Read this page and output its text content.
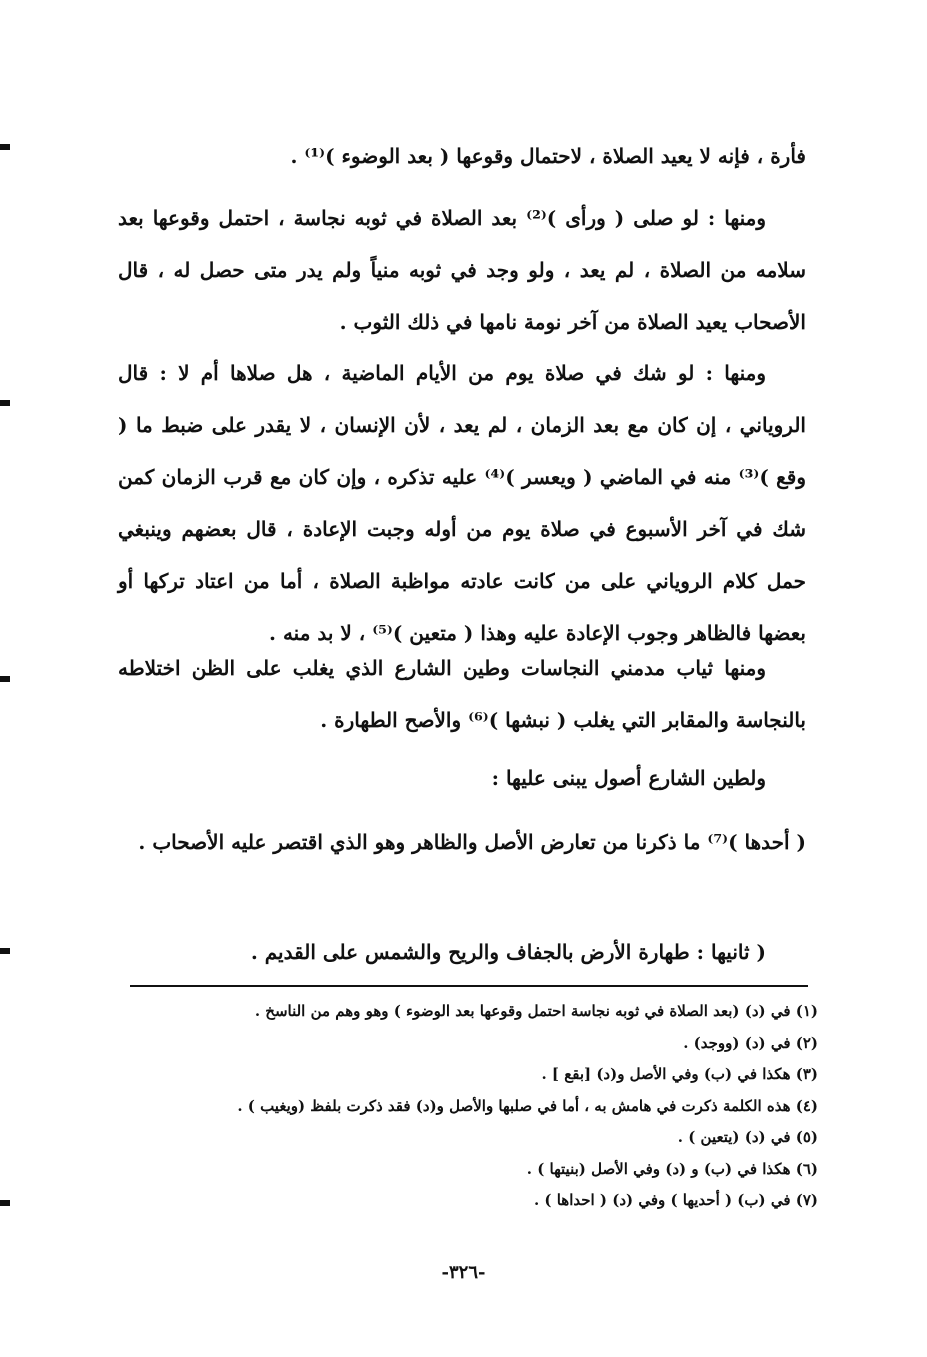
فأرة ، فإنه لا يعيد الصلاة ، لاحتمال وقوعها ( بعد الوضوء )⁽¹⁾ .

ومنها : لو صلى ( ورأى )⁽²⁾ بعد الصلاة في ثوبه نجاسة ، احتمل وقوعها بعد سلامه من الصلاة ، لم يعد ، ولو وجد في ثوبه منياً ولم يدر متى حصل له ، قال الأصحاب يعيد الصلاة من آخر نومة نامها في ذلك الثوب .

ومنها : لو شك في صلاة يوم من الأيام الماضية ، هل صلاها أم لا : قال الروياني ، إن كان مع بعد الزمان ، لم يعد ، لأن الإنسان ، لا يقدر على ضبط ما ( وقع )⁽³⁾ منه في الماضي ( ويعسر )⁽⁴⁾ عليه تذكره ، وإن كان مع قرب الزمان كمن شك في آخر الأسبوع في صلاة يوم من أوله وجبت الإعادة ، قال بعضهم وينبغي حمل كلام الروياني على من كانت عادته مواظبة الصلاة ، أما من اعتاد تركها أو بعضها فالظاهر وجوب الإعادة عليه وهذا ( متعين )⁽⁵⁾ ، لا بد منه .

ومنها ثياب مدمني النجاسات وطين الشارع الذي يغلب على الظن اختلاطه بالنجاسة والمقابر التي يغلب ( نبشها )⁽⁶⁾ والأصح الطهارة .

ولطين الشارع أصول يبنى عليها :

( أحدها )⁽⁷⁾ ما ذكرنا من تعارض الأصل والظاهر وهو الذي اقتصر عليه الأصحاب .

( ثانيها : طهارة الأرض بالجفاف والريح والشمس على القديم .

(١) في (د) (بعد الصلاة في ثوبه نجاسة احتمل وقوعها بعد الوضوء ) وهو وهم من الناسخ .
(٢) في (د) (ووجد) .
(٣) هكذا في (ب) وفي الأصل و(د) [بقع ] .
(٤) هذه الكلمة ذكرت في هامش به ، أما في صلبها والأصل و(د) فقد ذكرت بلفظ (ويغيب ) .
(٥) في (د) (يتعين ) .
(٦) هكذا في (ب) و (د) وفي الأصل (بنيتها ) .
(٧) في (ب) ( أحديها ) وفي (د) ( احداها ) .
-٣٢٦-
